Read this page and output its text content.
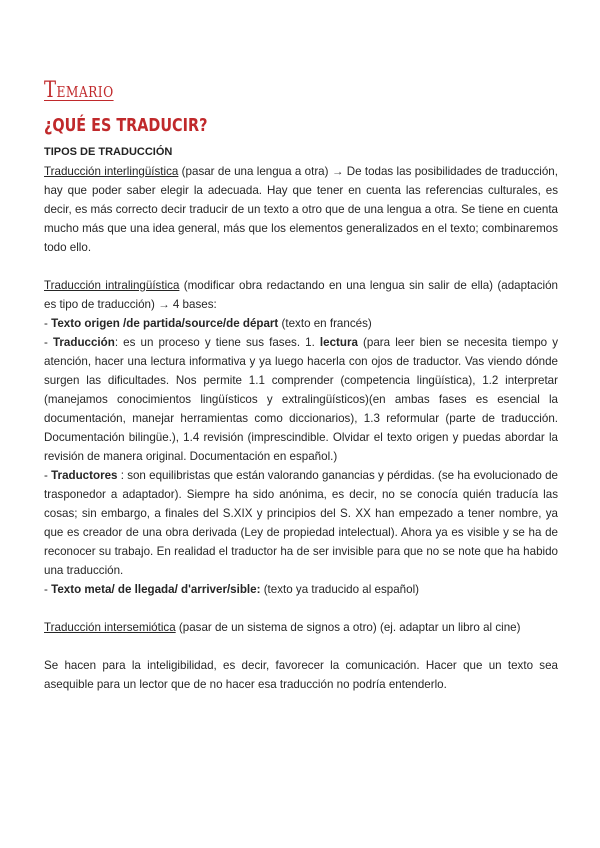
Temario
¿QUÉ ES TRADUCIR?
TIPOS DE TRADUCCIÓN

Traducción interlingüística (pasar de una lengua a otra) → De todas las posibilidades de traducción, hay que poder saber elegir la adecuada. Hay que tener en cuenta las referencias culturales, es decir, es más correcto decir traducir de un texto a otro que de una lengua a otra. Se tiene en cuenta mucho más que una idea general, más que los elementos generalizados en el texto; combinaremos todo ello.

Traducción intralingüística (modificar obra redactando en una lengua sin salir de ella) (adaptación es tipo de traducción) → 4 bases:

- Texto origen /de partida/source/de départ (texto en francés)

- Traducción: es un proceso y tiene sus fases. 1. lectura (para leer bien se necesita tiempo y atención, hacer una lectura informativa y ya luego hacerla con ojos de traductor. Vas viendo dónde surgen las dificultades. Nos permite 1.1 comprender (competencia lingüística), 1.2 interpretar (manejamos conocimientos lingüísticos y extralingüísticos)(en ambas fases es esencial la documentación, manejar herramientas como diccionarios), 1.3 reformular (parte de traducción. Documentación bilingüe.), 1.4 revisión (imprescindible. Olvidar el texto origen y puedas abordar la revisión de manera original. Documentación en español.)

- Traductores : son equilibristas que están valorando ganancias y pérdidas. (se ha evolucionado de trasponedor a adaptador). Siempre ha sido anónima, es decir, no se conocía quién traducía las cosas; sin embargo, a finales del S.XIX y principios del S. XX han empezado a tener nombre, ya que es creador de una obra derivada (Ley de propiedad intelectual). Ahora ya es visible y se ha de reconocer su trabajo. En realidad el traductor ha de ser invisible para que no se note que ha habido una traducción.

- Texto meta/ de llegada/ d'arriver/sible: (texto ya traducido al español)

Traducción intersemiótica (pasar de un sistema de signos a otro) (ej. adaptar un libro al cine)

Se hacen para la inteligibilidad, es decir, favorecer la comunicación. Hacer que un texto sea asequible para un lector que de no hacer esa traducción no podría entenderlo.
